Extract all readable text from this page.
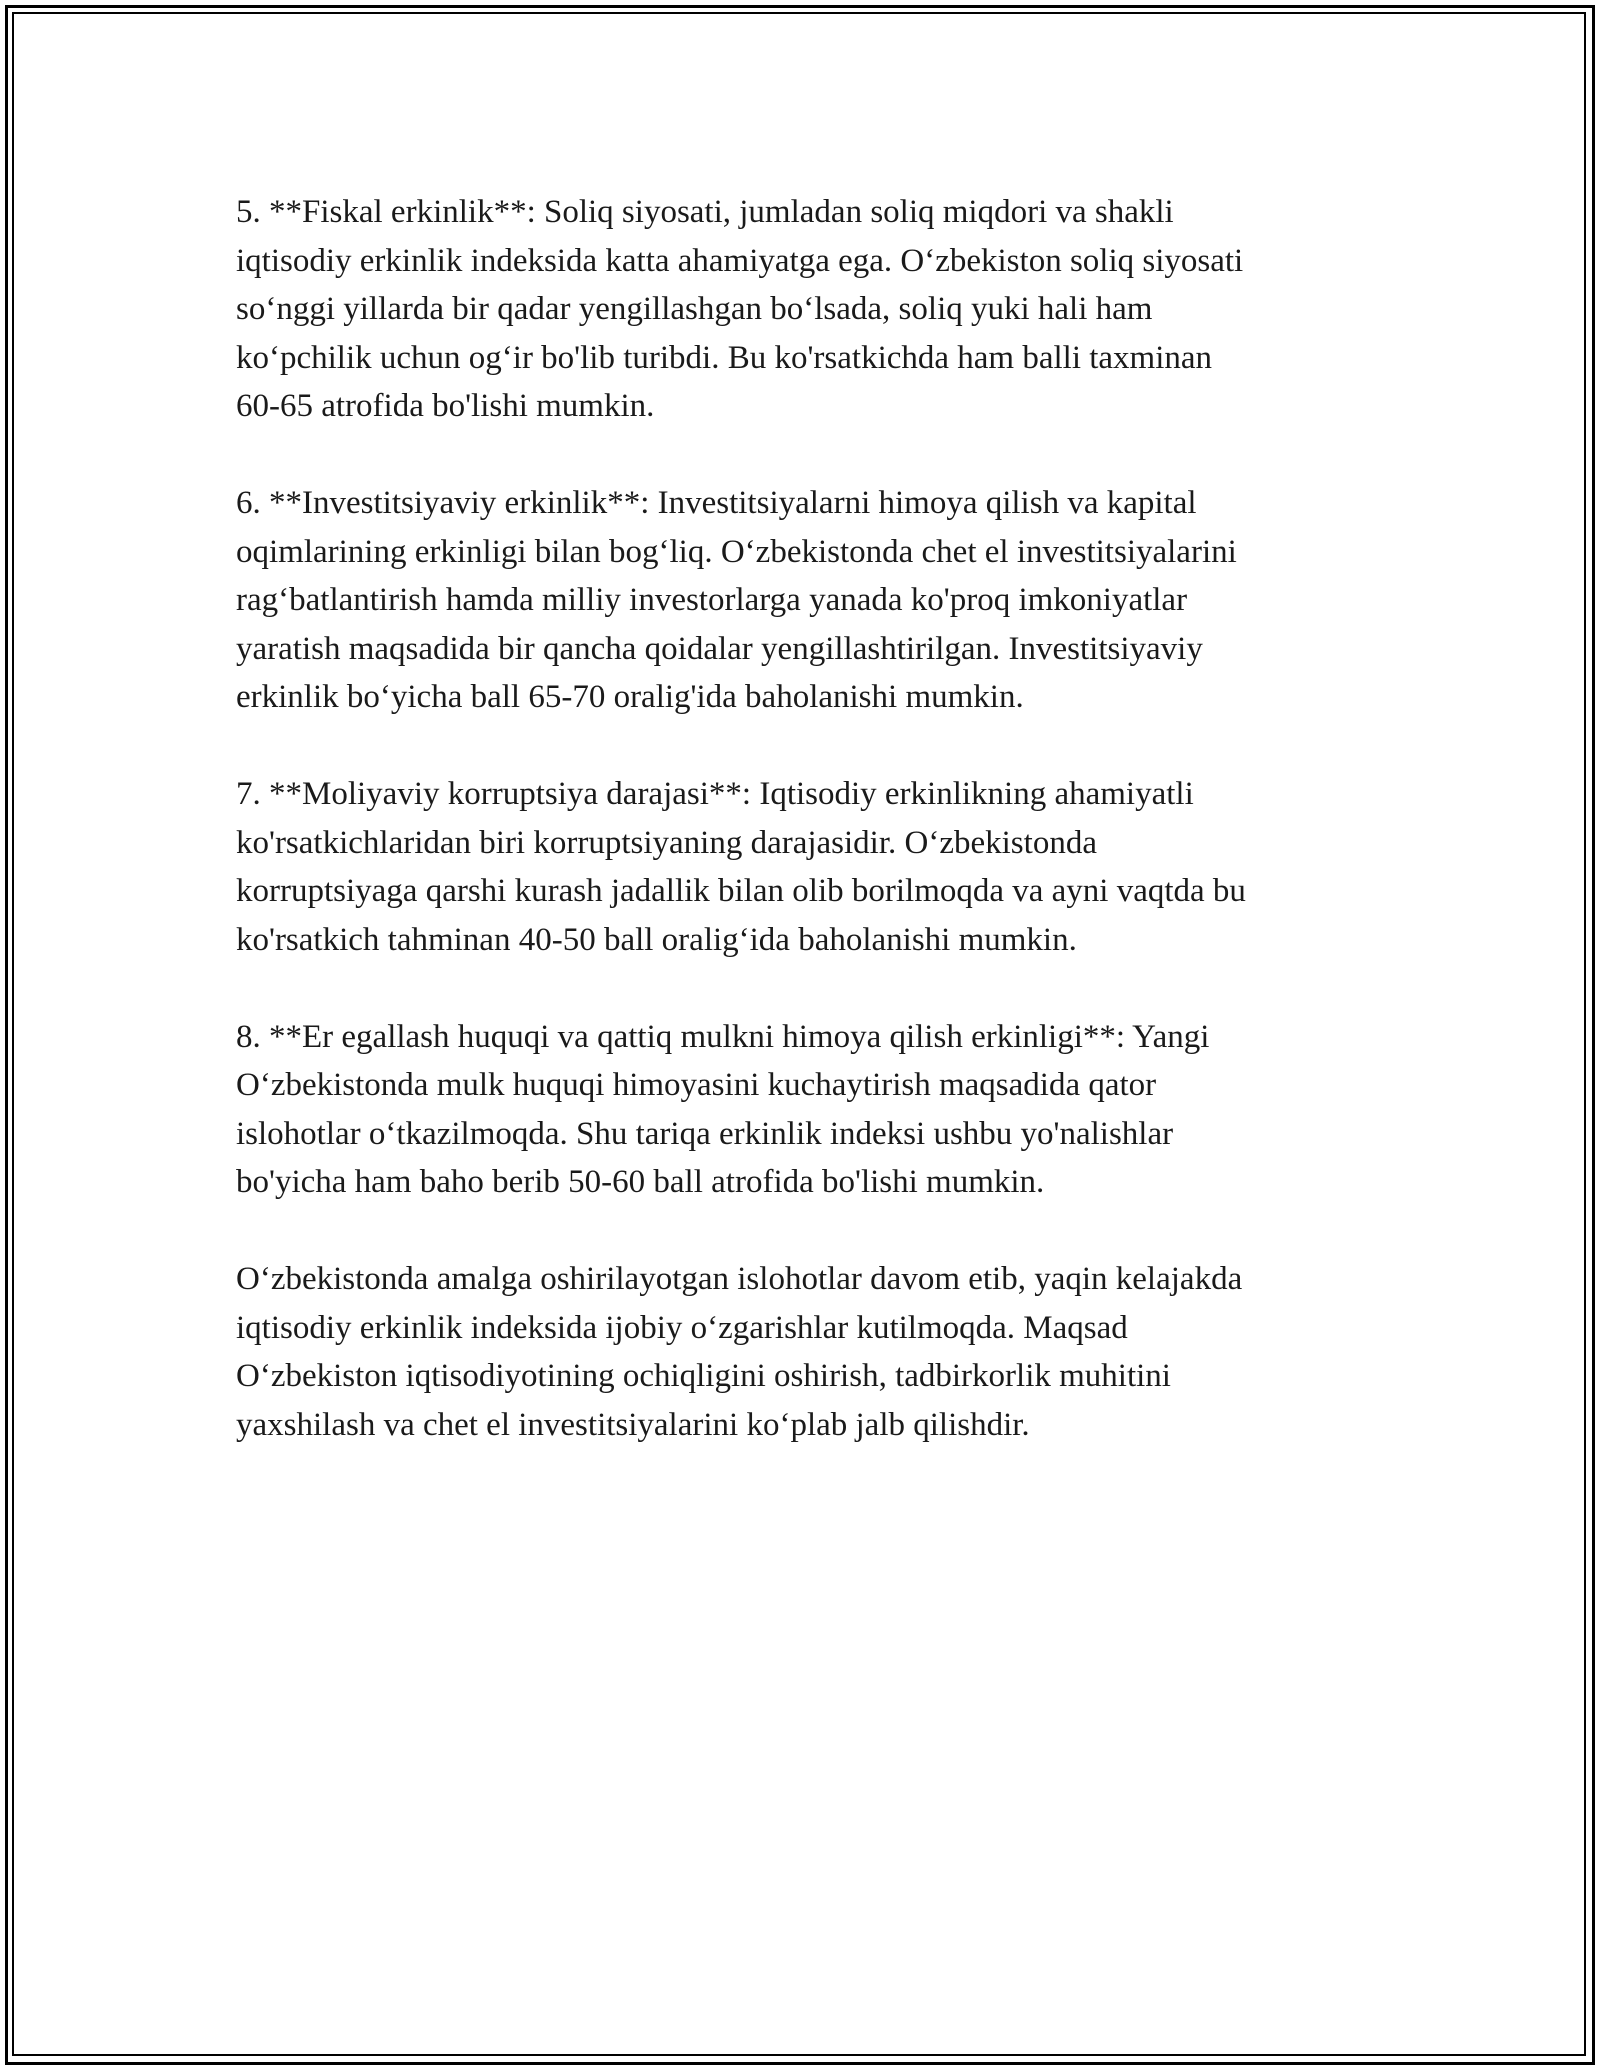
5. **Fiskal erkinlik**: Soliq siyosati, jumladan soliq miqdori va shakli
iqtisodiy erkinlik indeksida katta ahamiyatga ega. O‘zbekiston soliq siyosati
so‘nggi yillarda bir qadar yengillashgan bo‘lsada, soliq yuki hali ham
ko‘pchilik uchun og‘ir bo'lib turibdi. Bu ko'rsatkichda ham balli taxminan
60-65 atrofida bo'lishi mumkin.

6. **Investitsiyaviy erkinlik**: Investitsiyalarni himoya qilish va kapital
oqimlarining erkinligi bilan bog‘liq. O‘zbekistonda chet el investitsiyalarini
rag‘batlantirish hamda milliy investorlarga yanada ko'proq imkoniyatlar
yaratish maqsadida bir qancha qoidalar yengillashtirilgan. Investitsiyaviy
erkinlik bo‘yicha ball 65-70 oralig'ida baholanishi mumkin.

7. **Moliyaviy korruptsiya darajasi**: Iqtisodiy erkinlikning ahamiyatli
ko'rsatkichlaridan biri korruptsiyaning darajasidir. O‘zbekistonda
korruptsiyaga qarshi kurash jadallik bilan olib borilmoqda va ayni vaqtda bu
ko'rsatkich tahminan 40-50 ball oralig‘ida baholanishi mumkin.

8. **Er egallash huquqi va qattiq mulkni himoya qilish erkinligi**: Yangi
O‘zbekistonda mulk huquqi himoyasini kuchaytirish maqsadida qator
islohotlar o‘tkazilmoqda. Shu tariqa erkinlik indeksi ushbu yo'nalishlar
bo'yicha ham baho berib 50-60 ball atrofida bo'lishi mumkin.

O‘zbekistonda amalga oshirilayotgan islohotlar davom etib, yaqin kelajakda
iqtisodiy erkinlik indeksida ijobiy o‘zgarishlar kutilmoqda. Maqsad
O‘zbekiston iqtisodiyotining ochiqligini oshirish, tadbirkorlik muhitini
yaxshilash va chet el investitsiyalarini ko‘plab jalb qilishdir.
